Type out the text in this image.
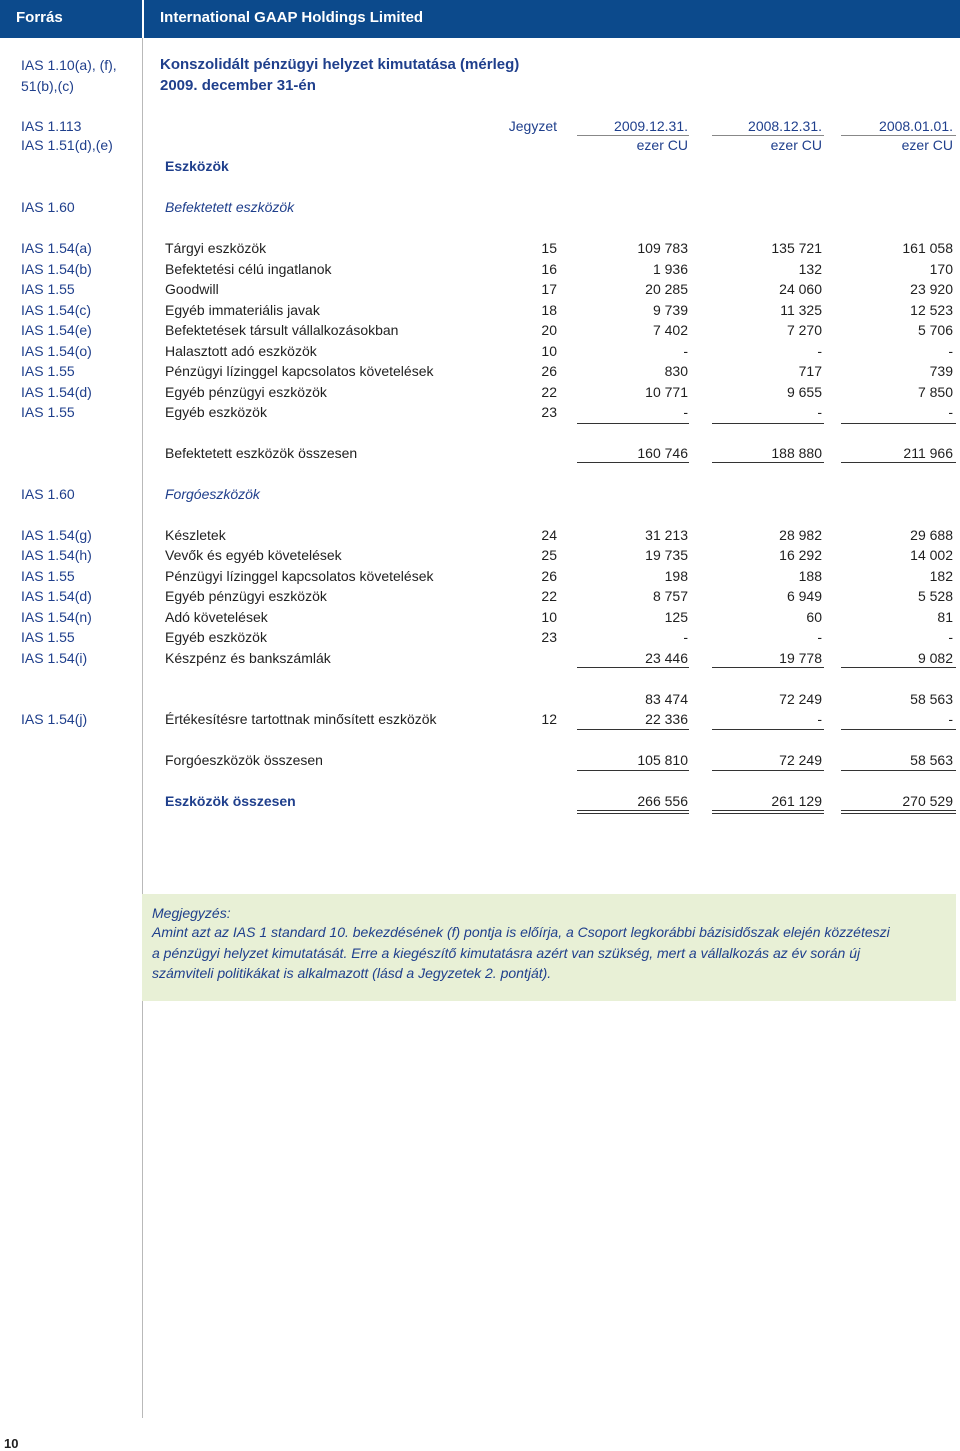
Forrás	International GAAP Holdings Limited
IAS 1.10(a), (f),
51(b),(c)
Konszolidált pénzügyi helyzet kimutatása (mérleg)
2009. december 31-én
IAS 1.113
IAS 1.51(d),(e)
Jegyzet	2009.12.31.	2008.12.31.	2008.01.01.
ezer CU	ezer CU	ezer CU
Eszközök
IAS 1.60	Befektetett eszközök
IAS 1.54(a)	Tárgyi eszközök	15	109 783	135 721	161 058
IAS 1.54(b)	Befektetési célú ingatlanok	16	1 936	132	170
IAS 1.55	Goodwill	17	20 285	24 060	23 920
IAS 1.54(c)	Egyéb immateriális javak	18	9 739	11 325	12 523
IAS 1.54(e)	Befektetések társult vállalkozásokban	20	7 402	7 270	5 706
IAS 1.54(o)	Halasztott adó eszközök	10	-	-	-
IAS 1.55	Pénzügyi lízinggel kapcsolatos követelések	26	830	717	739
IAS 1.54(d)	Egyéb pénzügyi eszközök	22	10 771	9 655	7 850
IAS 1.55	Egyéb eszközök	23	-	-	-
Befektetett eszközök összesen	160 746	188 880	211 966
IAS 1.60	Forgóeszközök
IAS 1.54(g)	Készletek	24	31 213	28 982	29 688
IAS 1.54(h)	Vevők és egyéb követelések	25	19 735	16 292	14 002
IAS 1.55	Pénzügyi lízinggel kapcsolatos követelések	26	198	188	182
IAS 1.54(d)	Egyéb pénzügyi eszközök	22	8 757	6 949	5 528
IAS 1.54(n)	Adó követelések	10	125	60	81
IAS 1.55	Egyéb eszközök	23	-	-	-
IAS 1.54(i)	Készpénz és bankszámlák	23 446	19 778	9 082
83 474	72 249	58 563
IAS 1.54(j)	Értékesítésre tartottnak minősített eszközök	12	22 336	-	-
Forgóeszközök összesen	105 810	72 249	58 563
Eszközök összesen	266 556	261 129	270 529
Megjegyzés:
Amint azt az IAS 1 standard 10. bekezdésének (f) pontja is előírja, a Csoport legkorábbi bázisidőszak elején közzéteszi
a pénzügyi helyzet kimutatását. Erre a kiegészítő kimutatásra azért van szükség, mert a vállalkozás az év során új
számviteli politikákat is alkalmazott (lásd a Jegyzetek 2. pontját).
10
